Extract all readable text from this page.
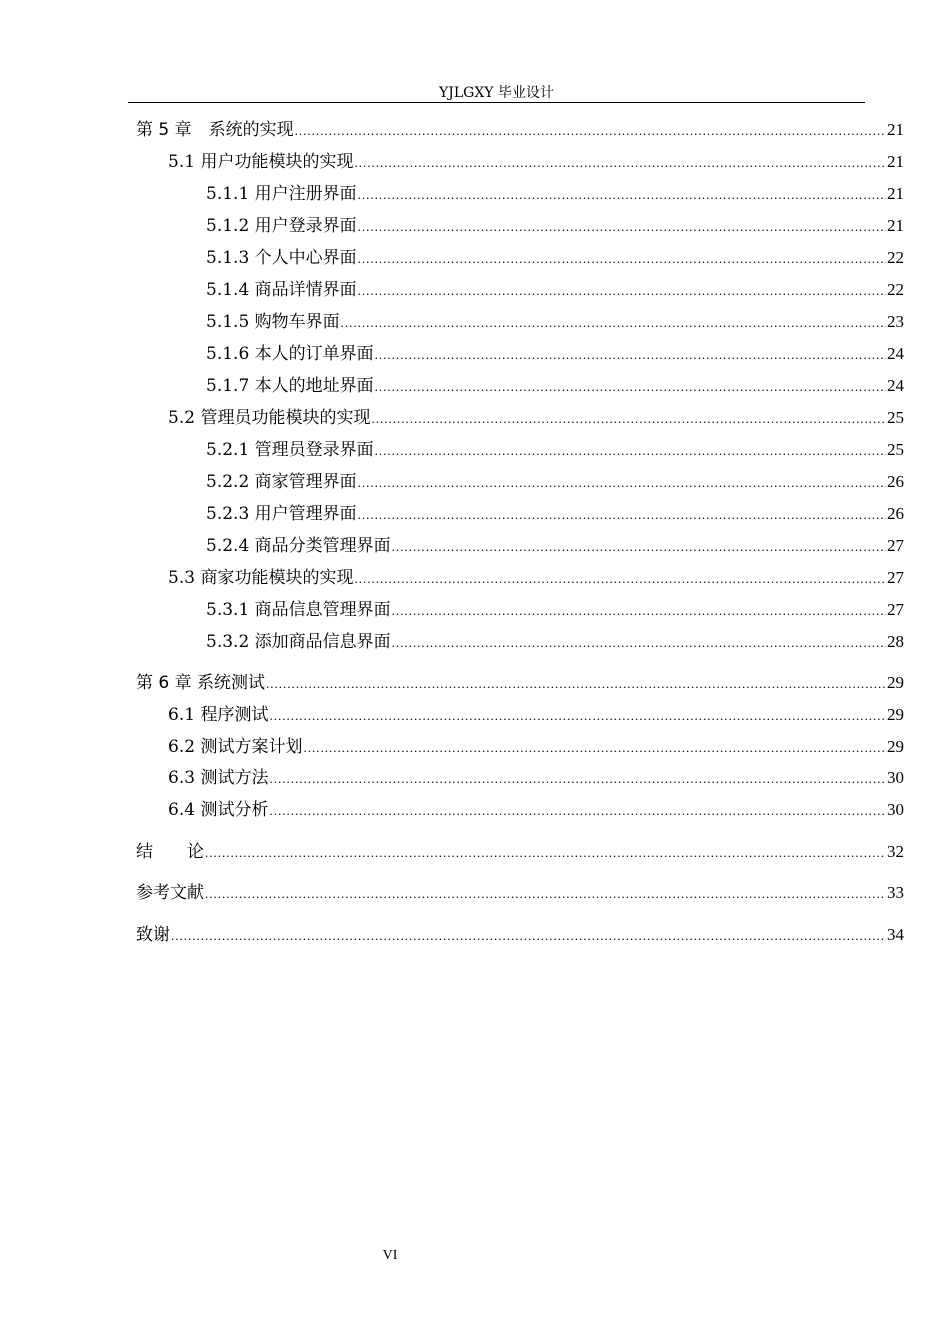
YJLGXY 毕业设计
第 5 章　系统的实现 .....	21
5.1 用户功能模块的实现 .....	21
5.1.1 用户注册界面 .....	21
5.1.2 用户登录界面 .....	21
5.1.3 个人中心界面 .....	22
5.1.4 商品详情界面 .....	22
5.1.5 购物车界面 .....	23
5.1.6 本人的订单界面 .....	24
5.1.7 本人的地址界面 .....	24
5.2 管理员功能模块的实现 .....	25
5.2.1 管理员登录界面 .....	25
5.2.2 商家管理界面 .....	26
5.2.3 用户管理界面 .....	26
5.2.4 商品分类管理界面 .....	27
5.3 商家功能模块的实现 .....	27
5.3.1 商品信息管理界面 .....	27
5.3.2 添加商品信息界面 .....	28
第 6 章 系统测试 .....	29
6.1 程序测试 .....	29
6.2 测试方案计划 .....	29
6.3 测试方法 .....	30
6.4 测试分析 .....	30
结　　论 .....	32
参考文献 .....	33
致谢 .....	34
VI
